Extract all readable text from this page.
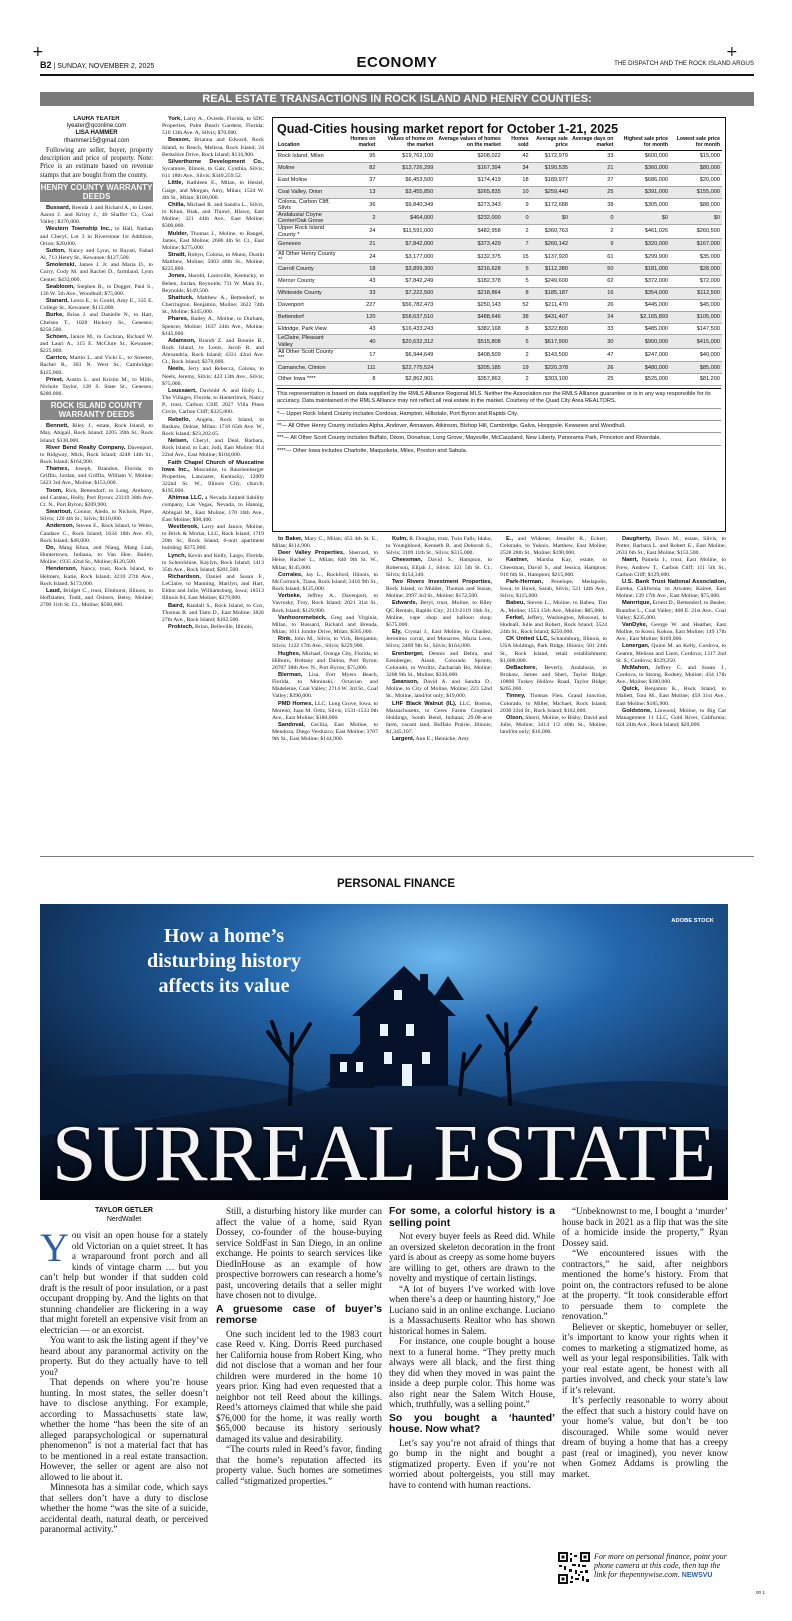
+	+
B2 | SUNDAY, NOVEMBER 2, 2025	ECONOMY	THE DISPATCH AND THE ROCK ISLAND ARGUS
REAL ESTATE TRANSACTIONS IN ROCK ISLAND AND HENRY COUNTIES:
LAURA YEATER
lyeater@qconline.com
LISA HAMMER
rlhammer15@gmail.com

Following are seller, buyer, property description and price of property. Note: Price is an estimate based on revenue stamps that are bought from the county.

HENRY COUNTY WARRANTY DEEDS

Bussard, Brenda J. and Richard A., to Lister, Aaron J. and Kristy J., 40 Shaffer Ct., Coal Valley; $370,000.

Western Township Inc., to Hall, Nathan and Cheryl, Lot 3 in Riverstone 1st Addition, Orion; $20,000.

Sutton, Nancy and Lynn, to Bayati, Fahad Al, 713 Henry St., Kewanee; $127,500.

Smolenski, James J. Jr. and Maria D., to Curry, Cody M. and Rachel D., farmland, Lynn Center; $433,000.

Seabloom, Stephen R., to Dugger, Paul S., 136 W. 5th Ave., Woodhull; $75,000.

Stanard, Leora E., to Gould, Amy E., 335 E. College St., Kewanee; $115,000.

Burke, Brian J. and Danielle N., to Hart, Chelsea T., 1028 Hickory St., Geneseo; $250,500.

Schoen, Janice M., to Cochran, Richard W. and Lauri A., 315 E. McClure St., Kewanee; $225,000.

Carrico, Martin L. and Vicki L., to Streeter, Rachel R., 303 N. West St., Cambridge; $125,000.

Priest, Austin L. and Kristin M., to Mills, Nichole Taylor, 128 S. State St., Geneseo; $280,000.

ROCK ISLAND COUNTY WARRANTY DEEDS

Bennett, Riley J., estate, Rock Island, to May, Abigail, Rock Island; 2205 39th St., Rock Island; $130,000.

River Bend Realty Company, Davenport, to Ridgway, Mick, Rock Island; 4248 14th St., Rock Island; $164,900.

Thames, Joseph, Brandon, Florida, to Griffin, Jordan, and Griffin, William V, Moline; 5423 3rd Ave., Moline; $153,000.

Toom, Rick, Bettendorf, to Long, Anthony, and Castens, Holly, Port Byron; 23310 38th Ave. Ct. N., Port Byron; $209,900.

Swartout, Connor, Aledo, to Nichols, Piper, Silvis; 120 4th St., Silvis; $110,000.

Anderson, Steven E., Rock Island, to Weiss, Candace C., Rock Island; 1634 18th Ave. #3, Rock Island; $48,000.

Do, Mang Khua, and Niang, Mang Lian, Huntertown, Indiana, to Van Hoe, Bailey, Moline; 1935 42nd St., Moline; $120,500.

Henderson, Nancy, trust, Rock Island, to Helmers, Katie, Rock Island; 4210 27th Ave., Rock Island; $173,000.

Laud, Bridget C., trust, Elmhurst, Illinois, to Hoffstatter, Todd, and Osborn, Betsy, Moline; 2700 11th St. Ct., Moline; $560,000.

York, Larry A., Oviedo, Florida, to SDC Properties, Palm Beach Gardens, Florida; 510 13th Ave. A, Silvis; $70,000.

Beason, Brianna and Edward, Rock Island, to Beach, Melissa, Rock Island; 24 Berkshire Drive, Rock Island; $134,900.

Silverthorne Development Co., Sycamore, Illinois, to Gair, Cynthia, Silvis; 611 18th Ave., Silvis; $340,259.52.

Little, Kathleen E., Milan, to Hetzel, Gaige, and Morgan, Amy, Milan; 1524 W. 4th St., Milan; $180,000.

Chilla, Michael R. and Sandra L., Silvis, to Khun, Biak, and Thiawl, Hlawn, East Moline; 321 44th Ave., East Moline; $300,000.

Mulder, Thomas J., Moline, to Rangel, James, East Moline; 2606 4th St. Ct., East Moline; $275,000.

Stradt, Robyn, Colona, to Munn, Dustin Matthew, Moline; 5003 48th St., Moline; $225,800.

Jones, Harold, Louisville, Kentucky, to Behen, Jordan, Reynolds; 711 W. Main St., Reynolds; $149,500.

Shattuck, Matthew A., Bettendorf, to Cherrington, Benjamin, Moline; 3622 74th St., Moline; $345,000.

Phares, Bailey A., Moline, to Durham, Spencer, Moline; 1637 24th Ave., Moline; $145,000.

Adamson, Brandt Z. and Bonnie B., Rock Island, to Louis, Jacob R. and Alexandria, Rock Island; 4331 42nd Ave. Ct., Rock Island; $370,000.

Neels, Jerry and Rebecca, Colona, to Neels, Jeremy, Silvis; 423 13th Ave., Silvis; $75,000.

Loussaert, Davbidd A. and Holly L., The Villages, Florida, to Hamerlinck, Nancy P., trust, Carbon Cliff; 2027 Villa Pines Circle, Carbon Cliff; $325,000.

Rebello, Angela, Rock Island, to Bashaw, Delrae, Milan; 1718 65th Ave. W., Rock Island; $23,202.65.

Nelsen, Cheryl, and Deal, Barbara, Rock Island, to Lair, Jodi, East Moline; 914 22nd Ave., East Moline; $104,000.

Faith Chapel Church of Muscatine Iowa Inc., Muscatine, to Raushenberger Properties, Lancaster, Kentucky; 12009 322nd St. W., Illinois City, church; $195,000.

Ahimsa LLC, a Nevada limited liability company, Las Vegas, Nevada, to Hannig, Abbigail M., East Moline; 170 16th Ave., East Moline; $98,400.

Westbrook, Larry and Janice, Moline, to Brick & Mortar, LLC, Rock Island; 1719 20th St., Rock Island, 6-unit apartment building; $375,000.

Lynch, Kevin and Kelly, Largo, Florida, to Schreckhise, Kaylyn, Rock Island; 1413 35th Ave., Rock Island; $201,500.

Richardson, Daniel and Susan F., LeClaire, to Manning, Marilyn, and Hart, Eldon and Julie, Williamsburg, Iowa; 18513 Illinois 84, East Moline; $379,000.

Baird, Randall S., Rock Island, to Cox, Thomas R. and Tami D., East Moline; 3826 27th Ave., Rock Island; $102,500.

Prokisch, Brian, Belleville, Illinois,

to Baker, Mary C., Milan; 453 4th St. E., Milan; $114,900.

Deer Valley Properties, Sherrard, to Heise, Rachel L., Milan; 840 9th St. W., Milan; $145,000.

Corrales, Jay L., Rockford, Illinois, to McCormick, Tiana, Rock Island; 3416 9th St., Rock Island; $125,000.

Verbeke, Jeffrey A., Davenport, to Vavrosky, Troy, Rock Island; 2021 31st St., Rock Island; $129,900.

Vanhooremebeck, Greg and Virginia, Milan, to Bussard, Richard and Brenda, Milan; 1611 Jondre Drive, Milan; $565,000.

Rink, John M., Silvis, to Vick, Benjamin, Silvis; 1122 17th Ave., Silvis; $229,900.

Hughes, Michael, Orange City, Florida, to Hilburn, Brittany and Dalton, Port Byron; 20707 38th Ave. N., Port Byron; $75,000.

Bierman, Lisa, Fort Myers Beach, Florida, to Moninski, Octavian and Madeleine, Coal Valley; 2714 W. 3rd St., Coal Valley; $390,000.

PMD Homes, LLC, Long Grove, Iowa, to Moreno, Juan M. Ortiz, Silvis; 1531-1533 9th Ave., East Moline; $180,000.

Sandoval, Cecilia, East Moline, to Mendoza, Diego Verduzco, East Moline; 3707 9th St., East Moline; $144,900.

Kulm, R. Douglas, trust, Twin Falls, Idaho, to Youngblood, Kenneth R. and Deborah S., Silvis; 3109 11th St., Silvis; $315,000.

Cheesman, David S., Hampton, to Roberson, Elijah J., Silvis; 321 5th St. Ct., Silvis; $154,340.

Two Rivers Investment Properties, Rock Island, to Mulder, Thomas and Susan, Moline; 2997 3rd St., Moline; $172,500.

Edwards, Beryl, trust, Moline, to Riley QC Rentals, Rapids City; 2113-2119 16th St., Moline, vape shop and balloon shop; $575,000.

Ely, Crystal J., East Moline, to Chaidez, Jeronimo corral, and Monarres, Maria Leon, Silvis; 2409 9th St., Silvis; $164,000.

Erenberger, Dennis and Debra, and Erenberger, Aleah, Colorado Sprints, Colorado, to Worlitz, Zachariah Bo, Moline; 3208 9th St., Moline; $330,000.

Swanson, David A. and Sandra D., Moline, to City of Moline, Moline; 223 52nd St., Moline, land/lot only; $19,000.

LHF Black Walnut (IL), LLC, Boston, Massachusetts, to Ceres Farms Cropland Holdings, South Bend, Indiana; 29.08-acre farm, vacant land, Buffalo Prairie, Illinois; $1,345,107.

Largent, Ann E.; Heinicke, Amy

E., and Widener, Jennifer R., Eckert, Colorado, to Yuknix, Matthew, East Moline; 2528 28th St., Moline; $190,000.

Kastner, Marsha Kay, estate, to Cheesman, David S., and Jessica, Hampton; 916 6th St., Hampton; $215,000.

Park-Herman, Penelope, Medapolis, Iowa, to Hawk, Sarah, Silvis; 521 14th Ave., Silvis; $115,000.

Babeu, Steven L., Moline, to Babeu, Tim A., Moline; 1553 15th Ave., Moline; $85,000.

Ferkel, Jeffery, Washington, Missouri, to Hudnall, Julie and Robert, Rock Island; 3524 24th St., Rock Island; $250,000.

CK United LLC, Schaumburg, Illinois, to USA Holdings, Park Ridge, Illinois; 501 24th St., Rock Island, retail establishment; $1,688,000.

DeBackere, Beverly, Andalusia, to Brokaw, James and Sheri, Taylor Ridge; 10808 Turkey Hollow Road, Taylor Ridge; $265,000.

Tinney, Thomas Flen, Grand Junction, Colorado, to Miller, Michael, Rock Island; 2030 33rd St., Rock Island; $162,000.

Olson, Sherri, Moline, to Bisby, David and Julie, Moline; 3414 1/2 40th St., Moline, land/lot only; $16,000.

Daugherty, Dawn M., estate, Silvis, to Potter, Barbara L. and Robert E., East Moline; 2633 6th St., East Moline; $153,500.

Naert, Pamela J., trust, East Moline, to Frew, Andrew T., Carbon Cliff; 111 5th St., Carbon Cliff; $129,000.

U.S. Bank Trust National Association, Eureka, California, to Atwater, Kairee, East Moline; 139 17th Ave., East Moline; $75,000.

Manrrique, Ernest D., Bettendorf, to Bealer, Brandon L., Coal Valley; 408 E. 21st Ave., Coal Valley; $235,000.

VanDyke, George W. and Heather, East Moline, to Kossi, Kokou, East Moline; 149 17th Ave., East Moline; $169,000.

Lonergan, Quinn M. an Kelly, Cordova, to Gearen, Melissa and Liem, Cordova; 1317 2nd St. S., Cordova; $129,250.

McMahon, Jeffrey C. and Susan J., Cordova, to Strong, Rodney, Moline; 434 17th Ave., Moline; $180,000.

Quick, Benjamin K., Rock Island, to Mallett, Toni M., East Moline; 459 31st Ave., East Moline; $185,900.

Goldstone, Linwood, Moline, to Big Cat Management 11 LLC, Gold River, California; 624 24th Ave., Rock Island; $20,000.

Quad-Cities housing market report for October 1-21, 2025
Location	Homes on market	Values of home on the market	Average values of homes on the market	Homes sold	Average sale price	Average days on market	Highest sale price for month	Lowest sale price for month
Rock Island, Milan	95	$19,762,100	$208,022	42	$172,979	33	$600,000	$15,000
Moline	82	$13,726,299	$167,394	34	$190,535	21	$360,000	$80,000
East Moline	37	$6,453,500	$174,419	18	$189,977	27	$686,000	$20,000
Coal Valley, Orion	13	$3,455,850	$265,835	10	$259,440	25	$391,000	$155,000
Colona, Carbon Cliff, Silvis	36	$9,840,349	$273,343	9	$172,688	38	$305,000	$88,000
Andalusia/ Coyne Center/Oak Grove	2	$464,000	$232,000	0	$0	0	$0	$0
Upper Rock Island County *	24	$11,591,000	$482,958	2	$360,763	2	$461,026	$260,500
Geneseo	21	$7,842,000	$373,429	7	$260,142	9	$320,000	$167,000
All Other Henry County **	24	$3,177,000	$132,375	15	$137,920	61	$299,900	$35,000
Carroll County	18	$3,899,300	$216,628	5	$112,380	50	$181,000	$28,000
Mercer County	43	$7,842,249	$182,378	5	$249,600	62	$372,000	$72,000
Whiteside County	33	$7,222,500	$218,864	8	$185,187	16	$354,000	$112,500
Davenport	227	$56,782,473	$250,143	52	$211,470	26	$445,000	$45,000
Bettendorf	120	$58,637,510	$488,646	38	$431,407	24	$2,165,893	$105,000
Eldridge, Park View	43	$16,433,243	$382,168	8	$322,800	33	$485,000	$147,500
LeClaire, Pleasant Valley	40	$20,632,312	$515,808	5	$617,900	30	$900,000	$415,000
All Other Scott County ***	17	$6,944,649	$408,509	2	$143,500	47	$247,000	$40,000
Camanche, Clinton	111	$22,775,524	$205,185	19	$220,378	26	$480,000	$85,000
Other Iowa ****	8	$2,862,901	$357,863	2	$303,100	25	$525,000	$81,200
This representation is based on data supplied by the RMLS Alliance Regional MLS. Neither the Association nor the RMLS Alliance guarantee or is in any way responsible for its accuracy. Data maintained in the RMLS Alliance may not reflect all real estate in the market. Courtesy of the Quad City Area REALTORS.
*— Upper Rock Island County includes Cordova, Hampton, Hillsdale, Port Byron and Rapids City.
**— All Other Henry County includes Alpha, Andover, Annawan, Atkinson, Bishop Hill, Cambridge, Galva, Hooppole, Kewanee and Woodhull.
***— All Other Scott County includes Buffalo, Dixon, Donahue, Long Grove, Maysville, McCausland, New Liberty, Panorama Park, Princeton and Riverdale.
****— Other Iowa includes Charlotte, Maquoketa, Miles, Preston and Sabula.
PERSONAL FINANCE
ADOBE STOCK
How a home’s disturbing history affects its value
SURREAL ESTATE
TAYLOR GETLER
NerdWallet

You visit an open house for a stately old Victorian on a quiet street. It has a wraparound front porch and all kinds of vintage charm … but you can’t help but wonder if that sudden cold draft is the result of poor insulation, or a past occupant dropping by. And the lights on that stunning chandelier are flickering in a way that might foretell an expensive visit from an electrician — or an exorcist.

You want to ask the listing agent if they’ve heard about any paranormal activity on the property. But do they actually have to tell you?

That depends on where you’re house hunting. In most states, the seller doesn’t have to disclose anything. For example, according to Massachusetts state law, whether the home “has been the site of an alleged parapsychological or supernatural phenomenon” is not a material fact that has to be mentioned in a real estate transaction. However, the seller or agent are also not allowed to lie about it.

Minnesota has a similar code, which says that sellers don’t have a duty to disclose whether the home “was the site of a suicide, accidental death, natural death, or perceived paranormal activity.”

Still, a disturbing history like murder can affect the value of a home, said Ryan Dossey, co-founder of the house-buying service SoldFast in San Diego, in an online exchange. He points to search services like DiedInHouse as an example of how prospective borrowers can research a home’s past, uncovering details that a seller might have chosen not to divulge.

A gruesome case of buyer’s remorse

One such incident led to the 1983 court case Reed v. King. Dorris Reed purchased her California house from Robert King, who did not disclose that a woman and her four children were murdered in the home 10 years prior. King had even requested that a neighbor not tell Reed about the killings. Reed’s attorneys claimed that while she paid $76,000 for the home, it was really worth $65,000 because its history seriously damaged its value and desirability.

“The courts ruled in Reed’s favor, finding that the home’s reputation affected its property value. Such homes are sometimes called “stigmatized properties.”

For some, a colorful history is a selling point

Not every buyer feels as Reed did. While an oversized skeleton decoration in the front yard is about as creepy as some home buyers are willing to get, others are drawn to the novelty and mystique of certain listings.

“A lot of buyers I’ve worked with love when there’s a deep or haunting history,” Joe Luciano said in an online exchange. Luciano is a Massachusetts Realtor who has shown historical homes in Salem.

For instance, one couple bought a house next to a funeral home. “They pretty much always were all black, and the first thing they did when they moved in was paint the inside a deep purple color. This home was also right near the Salem Witch House, which, truthfully, was a selling point.”

So you bought a ‘haunted’ house. Now what?

Let’s say you’re not afraid of things that go bump in the night and bought a stigmatized property. Even if you’re not worried about poltergeists, you still may have to contend with human reactions.

“Unbeknownst to me, I bought a ‘murder’ house back in 2021 as a flip that was the site of a homicide inside the property,” Ryan Dossey said.

“We encountered issues with the contractors,” he said, after neighbors mentioned the home’s history. From that point on, the contractors refused to be alone at the property. “It took considerable effort to persuade them to complete the renovation.”

Believer or skeptic, homebuyer or seller, it’s important to know your rights when it comes to marketing a stigmatized home, as well as your legal responsibilities. Talk with your real estate agent, be honest with all parties involved, and check your state’s law if it’s relevant.

It’s perfectly reasonable to worry about the effect that such a history could have on your home’s value, but don’t be too discouraged. While some would never dream of buying a home that has a creepy past (real or imagined), you never know when Gomez Addams is prowling the market.

For more on personal finance, point your phone camera at this code, then tap the link for thepennywise.com. NEWSVU
00 1
